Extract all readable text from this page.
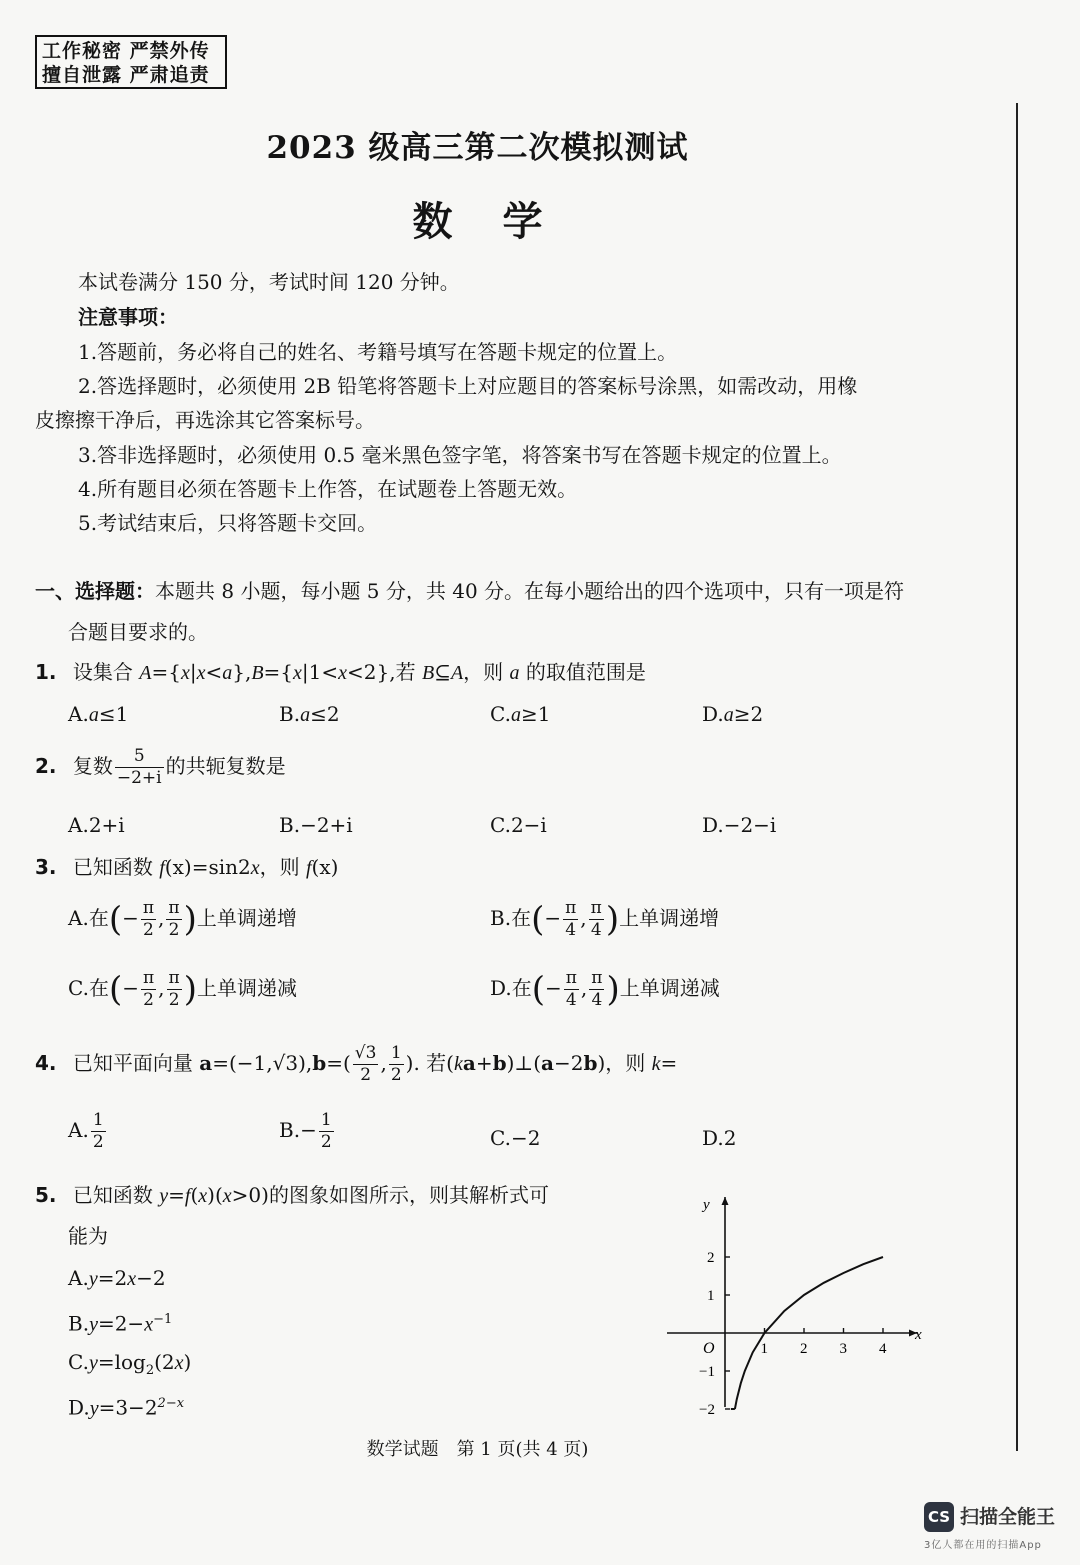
工作秘密 严禁外传
擅自泄露 严肃追责
2023 级高三第二次模拟测试
数学
本试卷满分 150 分，考试时间 120 分钟。
注意事项：
1.答题前，务必将自己的姓名、考籍号填写在答题卡规定的位置上。
2.答选择题时，必须使用 2B 铅笔将答题卡上对应题目的答案标号涂黑，如需改动，用橡
皮擦擦干净后，再选涂其它答案标号。
3.答非选择题时，必须使用 0.5 毫米黑色签字笔，将答案书写在答题卡规定的位置上。
4.所有题目必须在答题卡上作答，在试题卷上答题无效。
5.考试结束后，只将答题卡交回。
一、选择题：本题共 8 小题，每小题 5 分，共 40 分。在每小题给出的四个选项中，只有一项是符
合题目要求的。
1. 设集合 A={x|x<a},B={x|1<x<2},若 B⊆A，则 a 的取值范围是
A.a≤1	B.a≤2	C.a≥1	D.a≥2
2. 复数 $\frac{5}{-2+i}$ 的共轭复数是
A.2+i	B.−2+i	C.2−i	D.−2−i
3. 已知函数 f(x)=sin2x，则 f(x)
A.在(− $\frac{\pi}{2}$ , $\frac{\pi}{2}$ )上单调递增	B.在(− $\frac{\pi}{4}$ , $\frac{\pi}{4}$ )上单调递增
C.在(− $\frac{\pi}{2}$ , $\frac{\pi}{2}$ )上单调递减	D.在(− $\frac{\pi}{4}$ , $\frac{\pi}{4}$ )上单调递减
4. 已知平面向量 $a=(-1,√3),b=( \frac{√3}{2}$ , $\frac{1}{2}$ ). 若(ka+b)⊥(a−2b)，则 k=
A. $\frac{1}{2}$	$B.- \frac{1}{2}$	C.−2	D.2
5. 已知函数 y=f(x)(x>0)的图象如图所示，则其解析式可
能为
A.y=2x−2
$B.y=2-x^{-1}$
$C.y=\log_2(2x)$
$D.y=3-2^{2-x}$
x
y
O	1 2 3 4
2
1
−1
−2
数学试题　第 1 页(共 4 页)
CS 扫描全能王
3亿人都在用的扫描App
